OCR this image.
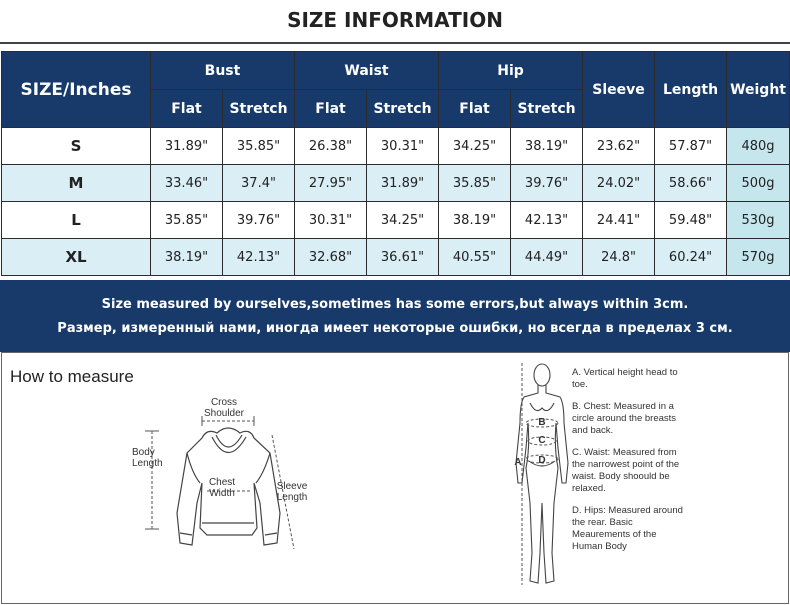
SIZE INFORMATION
SIZE/Inches	Bust		Waist		Hip		Sleeve	Length	Weight
	Flat	Stretch	Flat	Stretch	Flat	Stretch			
S	31.89"	35.85"	26.38"	30.31"	34.25"	38.19"	23.62"	57.87"	480g
M	33.46"	37.4"	27.95"	31.89"	35.85"	39.76"	24.02"	58.66"	500g
L	35.85"	39.76"	30.31"	34.25"	38.19"	42.13"	24.41"	59.48"	530g
XL	38.19"	42.13"	32.68"	36.61"	40.55"	44.49"	24.8"	60.24"	570g
Size measured by ourselves,sometimes has some errors,but always within 3cm.
Размер, измеренный нами, иногда имеет некоторые ошибки, но всегда в пределах 3 см.
How to measure
Cross
Shoulder
Body
Length
Chest
Width
Sleeve
Length
A
B
C
D
A. Vertical height head to toe.
B. Chest: Measured in a circle around the breasts and back.
C. Waist: Measured from the narrowest point of the waist. Body shoould be relaxed.
D. Hips: Measured around the rear. Basic Meaurements of the Human Body
